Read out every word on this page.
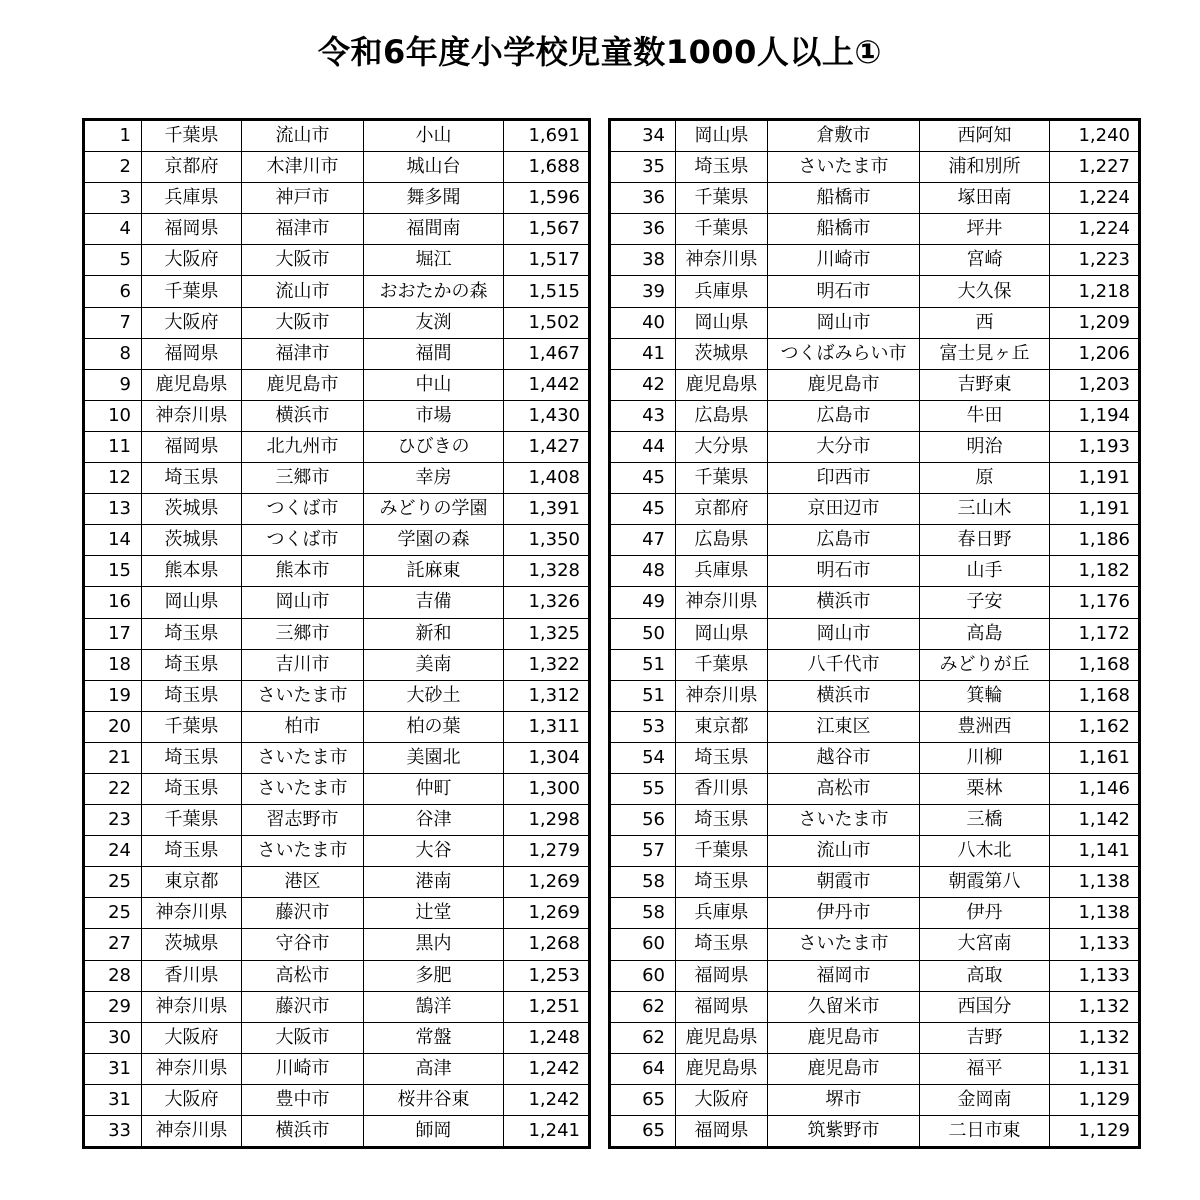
令和6年度小学校児童数1000人以上①
1	千葉県	流山市	小山	1,691
2	京都府	木津川市	城山台	1,688
3	兵庫県	神戸市	舞多聞	1,596
4	福岡県	福津市	福間南	1,567
5	大阪府	大阪市	堀江	1,517
6	千葉県	流山市	おおたかの森	1,515
7	大阪府	大阪市	友渕	1,502
8	福岡県	福津市	福間	1,467
9	鹿児島県	鹿児島市	中山	1,442
10	神奈川県	横浜市	市場	1,430
11	福岡県	北九州市	ひびきの	1,427
12	埼玉県	三郷市	幸房	1,408
13	茨城県	つくば市	みどりの学園	1,391
14	茨城県	つくば市	学園の森	1,350
15	熊本県	熊本市	託麻東	1,328
16	岡山県	岡山市	吉備	1,326
17	埼玉県	三郷市	新和	1,325
18	埼玉県	吉川市	美南	1,322
19	埼玉県	さいたま市	大砂土	1,312
20	千葉県	柏市	柏の葉	1,311
21	埼玉県	さいたま市	美園北	1,304
22	埼玉県	さいたま市	仲町	1,300
23	千葉県	習志野市	谷津	1,298
24	埼玉県	さいたま市	大谷	1,279
25	東京都	港区	港南	1,269
25	神奈川県	藤沢市	辻堂	1,269
27	茨城県	守谷市	黒内	1,268
28	香川県	高松市	多肥	1,253
29	神奈川県	藤沢市	鵠洋	1,251
30	大阪府	大阪市	常盤	1,248
31	神奈川県	川崎市	高津	1,242
31	大阪府	豊中市	桜井谷東	1,242
33	神奈川県	横浜市	師岡	1,241
34	岡山県	倉敷市	西阿知	1,240
35	埼玉県	さいたま市	浦和別所	1,227
36	千葉県	船橋市	塚田南	1,224
36	千葉県	船橋市	坪井	1,224
38	神奈川県	川崎市	宮崎	1,223
39	兵庫県	明石市	大久保	1,218
40	岡山県	岡山市	西	1,209
41	茨城県	つくばみらい市	富士見ヶ丘	1,206
42	鹿児島県	鹿児島市	吉野東	1,203
43	広島県	広島市	牛田	1,194
44	大分県	大分市	明治	1,193
45	千葉県	印西市	原	1,191
45	京都府	京田辺市	三山木	1,191
47	広島県	広島市	春日野	1,186
48	兵庫県	明石市	山手	1,182
49	神奈川県	横浜市	子安	1,176
50	岡山県	岡山市	高島	1,172
51	千葉県	八千代市	みどりが丘	1,168
51	神奈川県	横浜市	箕輪	1,168
53	東京都	江東区	豊洲西	1,162
54	埼玉県	越谷市	川柳	1,161
55	香川県	高松市	栗林	1,146
56	埼玉県	さいたま市	三橋	1,142
57	千葉県	流山市	八木北	1,141
58	埼玉県	朝霞市	朝霞第八	1,138
58	兵庫県	伊丹市	伊丹	1,138
60	埼玉県	さいたま市	大宮南	1,133
60	福岡県	福岡市	高取	1,133
62	福岡県	久留米市	西国分	1,132
62	鹿児島県	鹿児島市	吉野	1,132
64	鹿児島県	鹿児島市	福平	1,131
65	大阪府	堺市	金岡南	1,129
65	福岡県	筑紫野市	二日市東	1,129
